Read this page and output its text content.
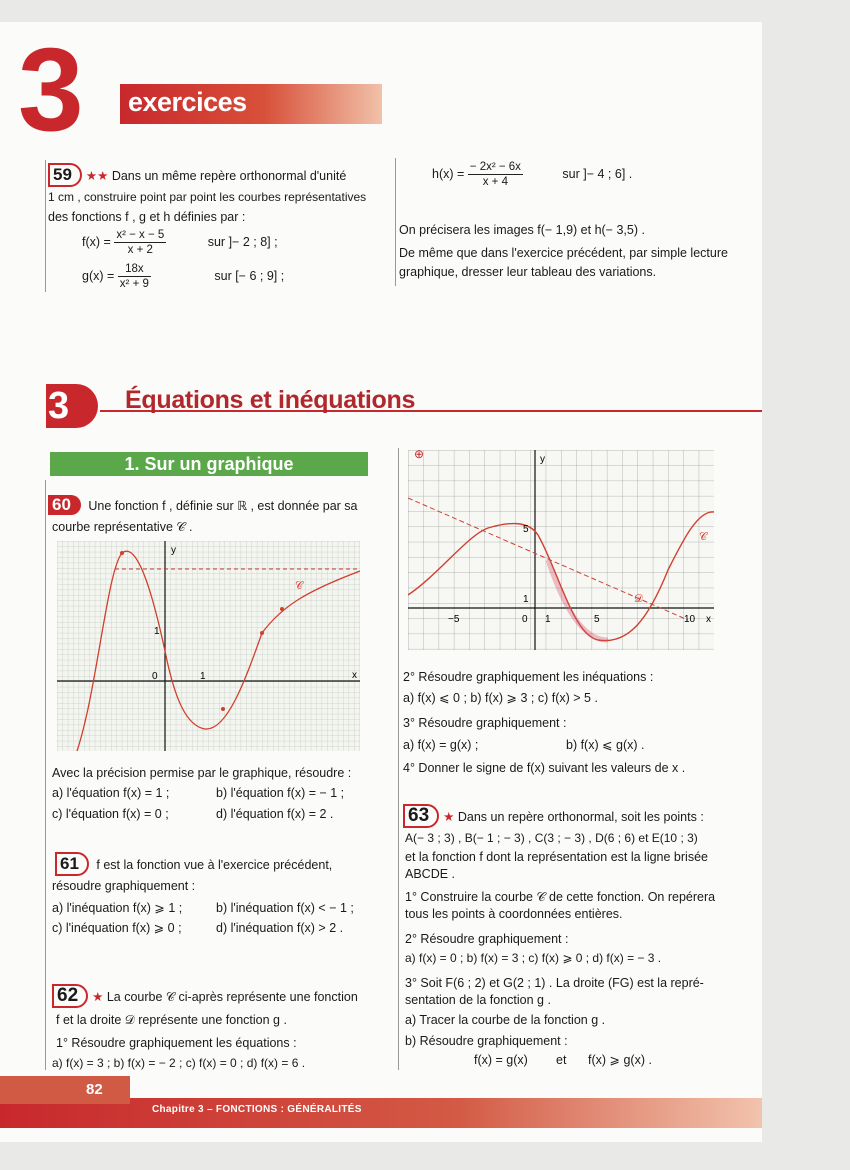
3 exercices
59 ★★ Dans un même repère orthonormal d'unité
1 cm , construire point par point les courbes représentatives
des fonctions f , g et h définies par :
$f(x) = \frac{\text{x² − x − 5}}{x + 2}$	sur ]− 2 ; 8] ;
$g(x) = \frac{18x}{\text{x² + 9}}$	sur [− 6 ; 9] ;
$h(x) = \frac{\text{− 2x² − 6x}}{x + 4}$	sur ]− 4 ; 6] .
On précisera les images f(− 1,9) et h(− 3,5) .
De même que dans l'exercice précédent, par simple lecture
graphique, dresser leur tableau des variations.
3	Équations et inéquations
1. Sur un graphique
60 Une fonction f , définie sur ℝ , est donnée par sa
courbe représentative 𝒞 .
y
x
1
0	1
𝒞
Avec la précision permise par le graphique, résoudre :
a) l'équation f(x) = 1 ;	b) l'équation f(x) = − 1 ;
c) l'équation f(x) = 0 ;	d) l'équation f(x) = 2 .
61 f est la fonction vue à l'exercice précédent,
résoudre graphiquement :
a) l'inéquation f(x) ⩾ 1 ;	b) l'inéquation f(x) < − 1 ;
c) l'inéquation f(x) ⩾ 0 ;	d) l'inéquation f(x) > 2 .
62 ★ La courbe 𝒞 ci-après représente une fonction
f et la droite 𝒟 représente une fonction g .
1° Résoudre graphiquement les équations :
a) f(x) = 3 ; b) f(x) = − 2 ; c) f(x) = 0 ; d) f(x) = 6 .
⊕	y
5
1
−5	0 1	5	10 x
𝒞
𝒟
2° Résoudre graphiquement les inéquations :
a) f(x) ⩽ 0 ; b) f(x) ⩾ 3 ; c) f(x) > 5 .
3° Résoudre graphiquement :
a) f(x) = g(x) ;	b) f(x) ⩽ g(x) .
4° Donner le signe de f(x) suivant les valeurs de x .
63 ★ Dans un repère orthonormal, soit les points :
A(− 3 ; 3) , B(− 1 ; − 3) , C(3 ; − 3) , D(6 ; 6) et E(10 ; 3)
et la fonction f dont la représentation est la ligne brisée
ABCDE .
1° Construire la courbe 𝒞 de cette fonction. On repérera
tous les points à coordonnées entières.
2° Résoudre graphiquement :
a) f(x) = 0 ; b) f(x) = 3 ; c) f(x) ⩾ 0 ; d) f(x) = − 3 .
3° Soit F(6 ; 2) et G(2 ; 1) . La droite (FG) est la repré-
sentation de la fonction g .
a) Tracer la courbe de la fonction g .
b) Résoudre graphiquement :
f(x) = g(x) et f(x) ⩾ g(x) .
82
Chapitre 3 – FONCTIONS : GÉNÉRALITÉS
